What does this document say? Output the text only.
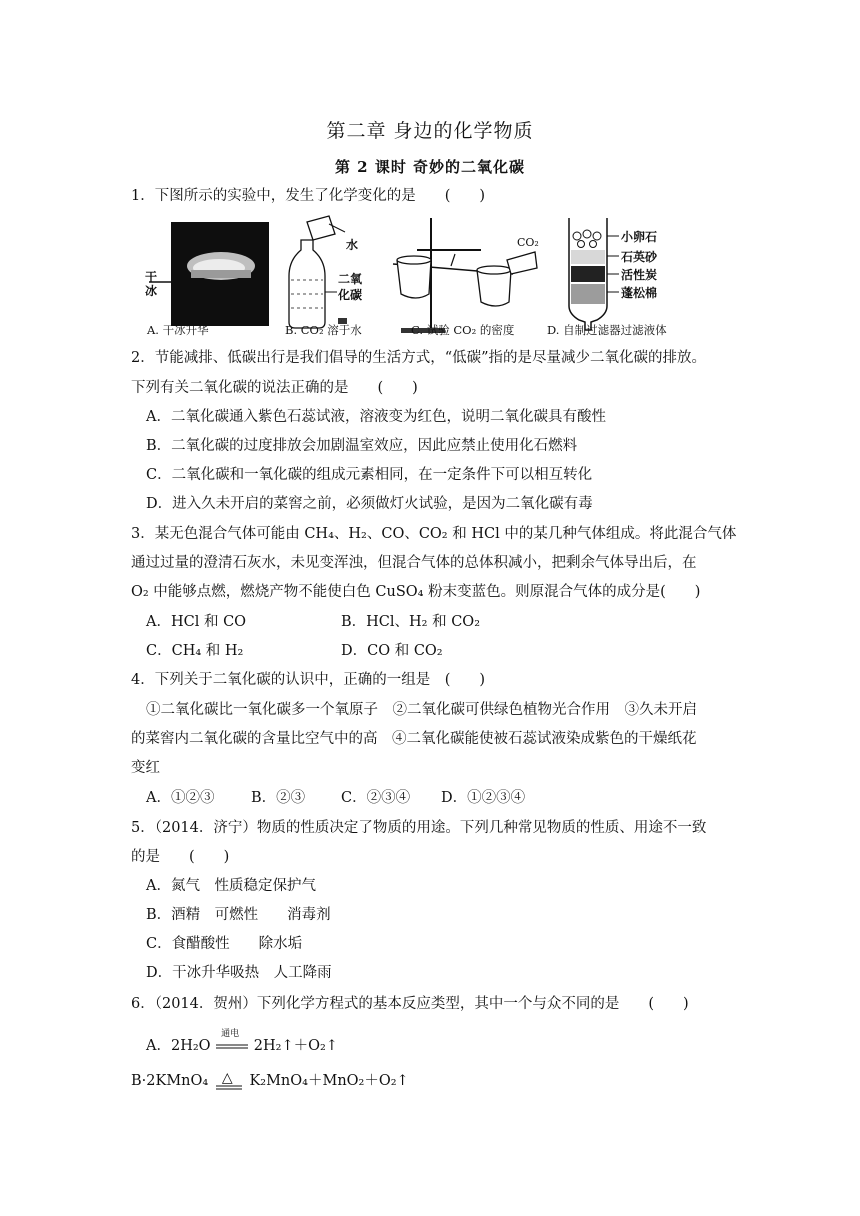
第二章 身边的化学物质
第 2 课时 奇妙的二氧化碳
1．下图所示的实验中，发生了化学变化的是　　(　　)
干
冰
水
二氧
化碳
CO₂	小卵石
石英砂
活性炭
蓬松棉
A. 干冰升华	B. CO₂ 溶于水	C. 试验 CO₂ 的密度	D. 自制过滤器过滤液体
2．节能减排、低碳出行是我们倡导的生活方式，“低碳”指的是尽量减少二氧化碳的排放。
下列有关二氧化碳的说法正确的是　　(　　)
A．二氧化碳通入紫色石蕊试液，溶液变为红色，说明二氧化碳具有酸性
B．二氧化碳的过度排放会加剧温室效应，因此应禁止使用化石燃料
C．二氧化碳和一氧化碳的组成元素相同，在一定条件下可以相互转化
D．进入久未开启的菜窖之前，必须做灯火试验，是因为二氧化碳有毒
3．某无色混合气体可能由 CH₄、H₂、CO、CO₂ 和 HCl 中的某几种气体组成。将此混合气体
通过过量的澄清石灰水，未见变浑浊，但混合气体的总体积减小，把剩余气体导出后，在
O₂ 中能够点燃，燃烧产物不能使白色 CuSO₄ 粉末变蓝色。则原混合气体的成分是(　　)
A．HCl 和 CO	B．HCl、H₂ 和 CO₂
C．CH₄ 和 H₂	D．CO 和 CO₂
4．下列关于二氧化碳的认识中，正确的一组是　(　　)
①二氧化碳比一氧化碳多一个氧原子　②二氧化碳可供绿色植物光合作用　③久未开启
的菜窖内二氧化碳的含量比空气中的高　④二氧化碳能使被石蕊试液染成紫色的干燥纸花
变红
A．①②③	B．②③ C．②③④ D．①②③④
5．（2014．济宁）物质的性质决定了物质的用途。下列几种常见物质的性质、用途不一致
的是　　(　　)
A．氮气　性质稳定保护气
B．酒精　可燃性　　消毒剂
C．食醋酸性　　除水垢
D．干冰升华吸热　人工降雨
6．（2014．贺州）下列化学方程式的基本反应类型，其中一个与众不同的是　　(　　)
A．2H₂O
通电
2H₂↑＋O₂↑
B·2KMnO₄ △ K₂MnO₄＋MnO₂＋O₂↑
